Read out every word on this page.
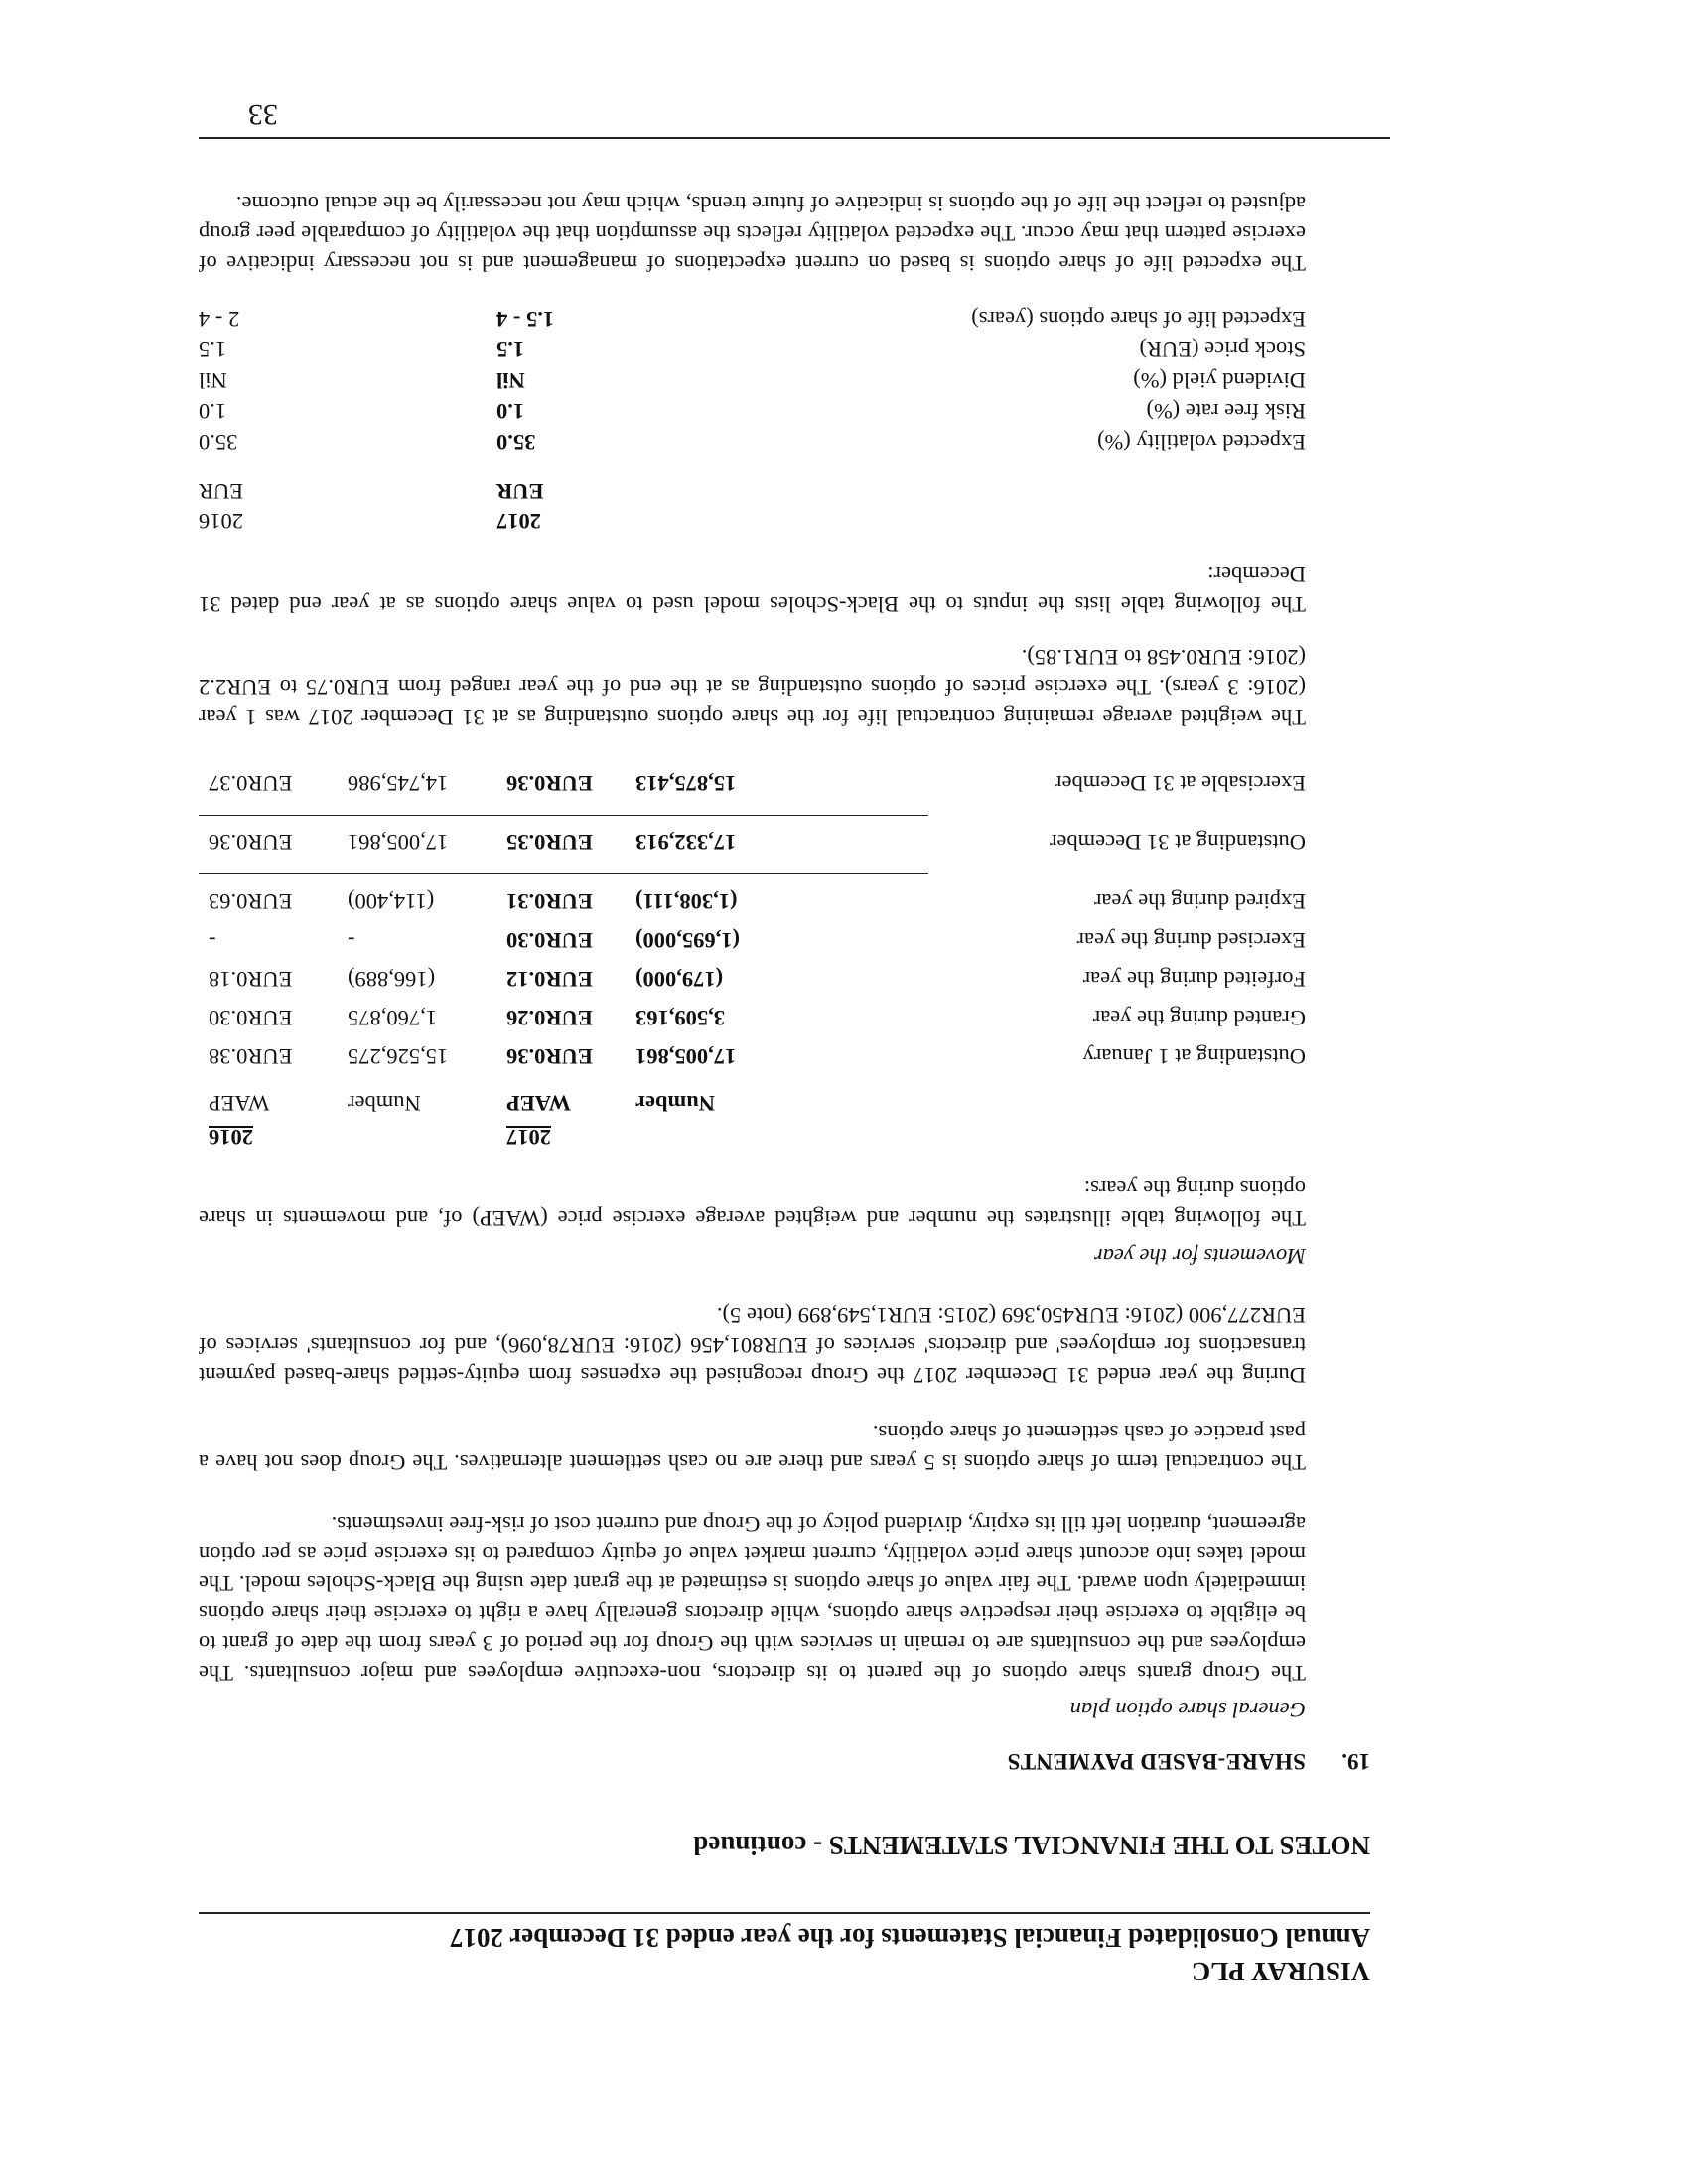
VISURAY PLC
Annual Consolidated Financial Statements for the year ended 31 December 2017
NOTES TO THE FINANCIAL STATEMENTS - continued
19.
SHARE-BASED PAYMENTS
General share option plan

The Group grants share options of the parent to its directors, non-executive employees and major consultants. The employees and the consultants are to remain in services with the Group for the period of 3 years from the date of grant to be eligible to exercise their respective share options, while directors generally have a right to exercise their share options immediately upon award. The fair value of share options is estimated at the grant date using the Black-Scholes model. The model takes into account share price volatility, current market value of equity compared to its exercise price as per option agreement, duration left till its expiry, dividend policy of the Group and current cost of risk-free investments.

The contractual term of share options is 5 years and there are no cash settlement alternatives. The Group does not have a past practice of cash settlement of share options.

During the year ended 31 December 2017 the Group recognised the expenses from equity-settled share-based payment transactions for employees' and directors' services of EUR801,456 (2016: EUR78,096), and for consultants' services of EUR277,900 (2016: EUR450,369 (2015: EUR1,549,899 (note 5).

Movements for the year

The following table illustrates the number and weighted average exercise price (WAEP) of, and movements in share options during the years:

2017
2016
Number
WAEP
Number
WAEP
Outstanding at 1 January
17,005,861
EUR0.36
15,526,275
EUR0.38
Granted during the year
3,509,163
EUR0.26
1,760,875
EUR0.30
Forfeited during the year
(179,000)
EUR0.12
(166,889)
EUR0.18
Exercised during the year
(1,695,000)
EUR0.30
-
-
Expired during the year
(1,308,111)
EUR0.31
(114,400)
EUR0.63
Outstanding at 31 December
17,332,913
EUR0.35
17,005,861
EUR0.36
Exercisable at 31 December
15,875,413
EUR0.36
14,745,986
EUR0.37

The weighted average remaining contractual life for the share options outstanding as at 31 December 2017 was 1 year (2016: 3 years). The exercise prices of options outstanding as at the end of the year ranged from EUR0.75 to EUR2.2 (2016: EUR0.458 to EUR1.85).

The following table lists the inputs to the Black-Scholes model used to value share options as at year end dated 31 December:

2017
2016
EUR
EUR
Expected volatility (%)
35.0
35.0
Risk free rate (%)
1.0
1.0
Dividend yield (%)
Nil
Nil
Stock price (EUR)
1.5
1.5
Expected life of share options (years)
1.5 - 4
2 - 4

The expected life of share options is based on current expectations of management and is not necessary indicative of exercise pattern that may occur. The expected volatility reflects the assumption that the volatility of comparable peer group adjusted to reflect the life of the options is indicative of future trends, which may not necessarily be the actual outcome.

33
